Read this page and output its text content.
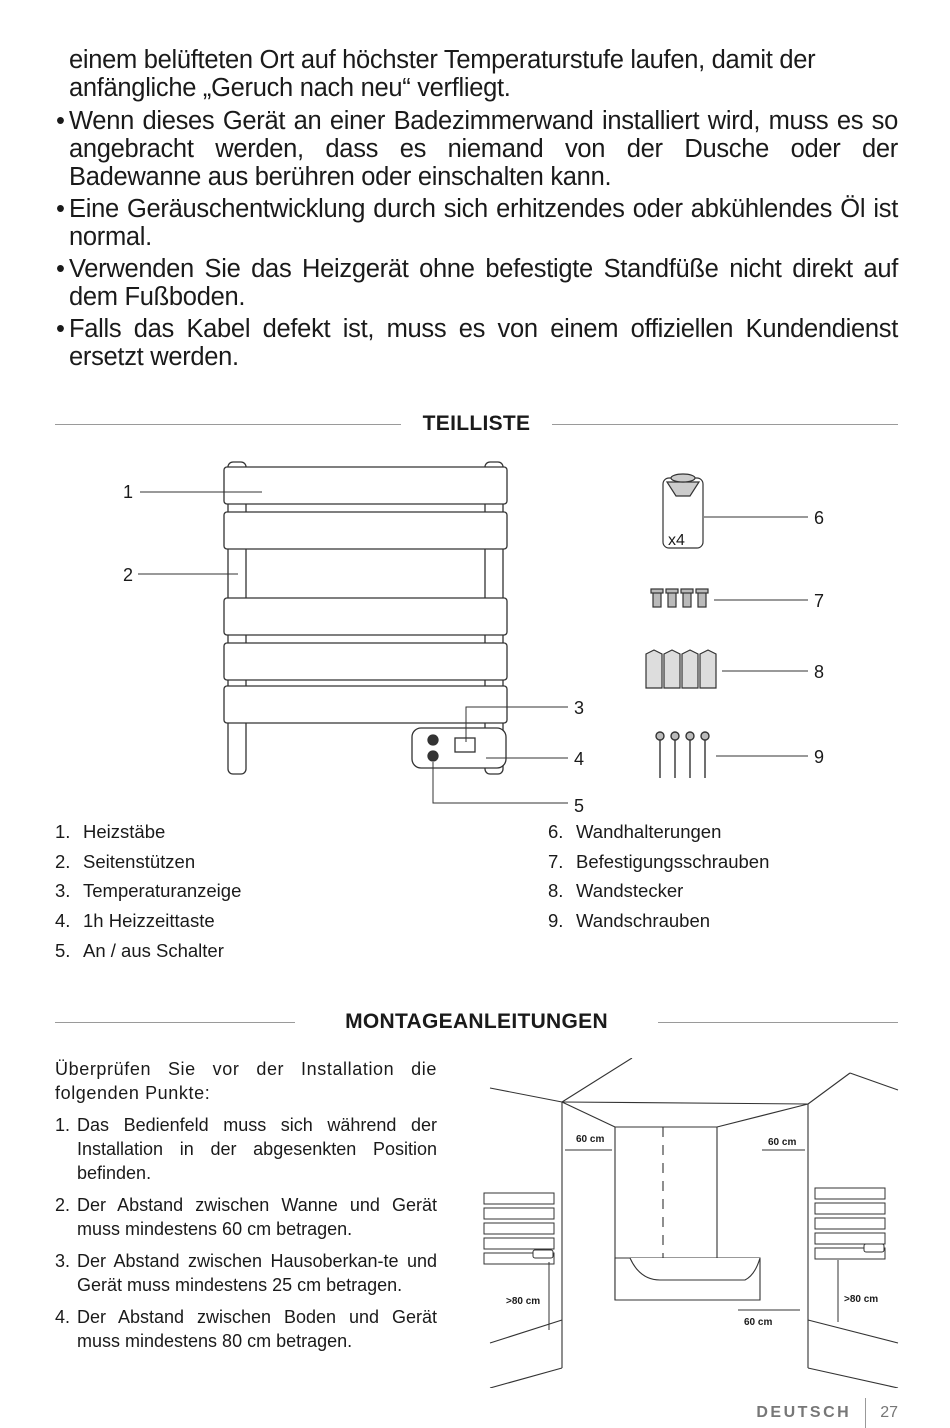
einem belüfteten Ort auf höchster Temperaturstufe laufen, damit der anfängliche „Geruch nach neu“ verfliegt.

• Wenn dieses Gerät an einer Badezimmerwand installiert wird, muss es so angebracht werden, dass es niemand von der Dusche oder der Badewanne aus berühren oder einschalten kann.
• Eine Geräuschentwicklung durch sich erhitzendes oder abkühlendes Öl ist normal.
• Verwenden Sie das Heizgerät ohne befestigte Standfüße nicht direkt auf dem Fußboden.
• Falls das Kabel defekt ist, muss es von einem offiziellen Kundendienst ersetzt werden.
TEILLISTE
1
2
3
4
5
6
7
8
9
x4
1. Heizstäbe
2. Seitenstützen
3. Temperaturanzeige
4. 1h Heizzeittaste
5. An / aus Schalter
6. Wandhalterungen
7. Befestigungsschrauben
8. Wandstecker
9. Wandschrauben
MONTAGEANLEITUNGEN

Überprüfen Sie vor der Installation die folgenden Punkte:

1. Das Bedienfeld muss sich während der Installation in der abgesenkten Position befinden.
2. Der Abstand zwischen Wanne und Gerät muss mindestens 60 cm betragen.
3. Der Abstand zwischen Hausoberkan-te und Gerät muss mindestens 25 cm betragen.
4. Der Abstand zwischen Boden und Gerät muss mindestens 80 cm betragen.
60 cm	60 cm
60 cm
>80 cm	>80 cm
DEUTSCH 27
